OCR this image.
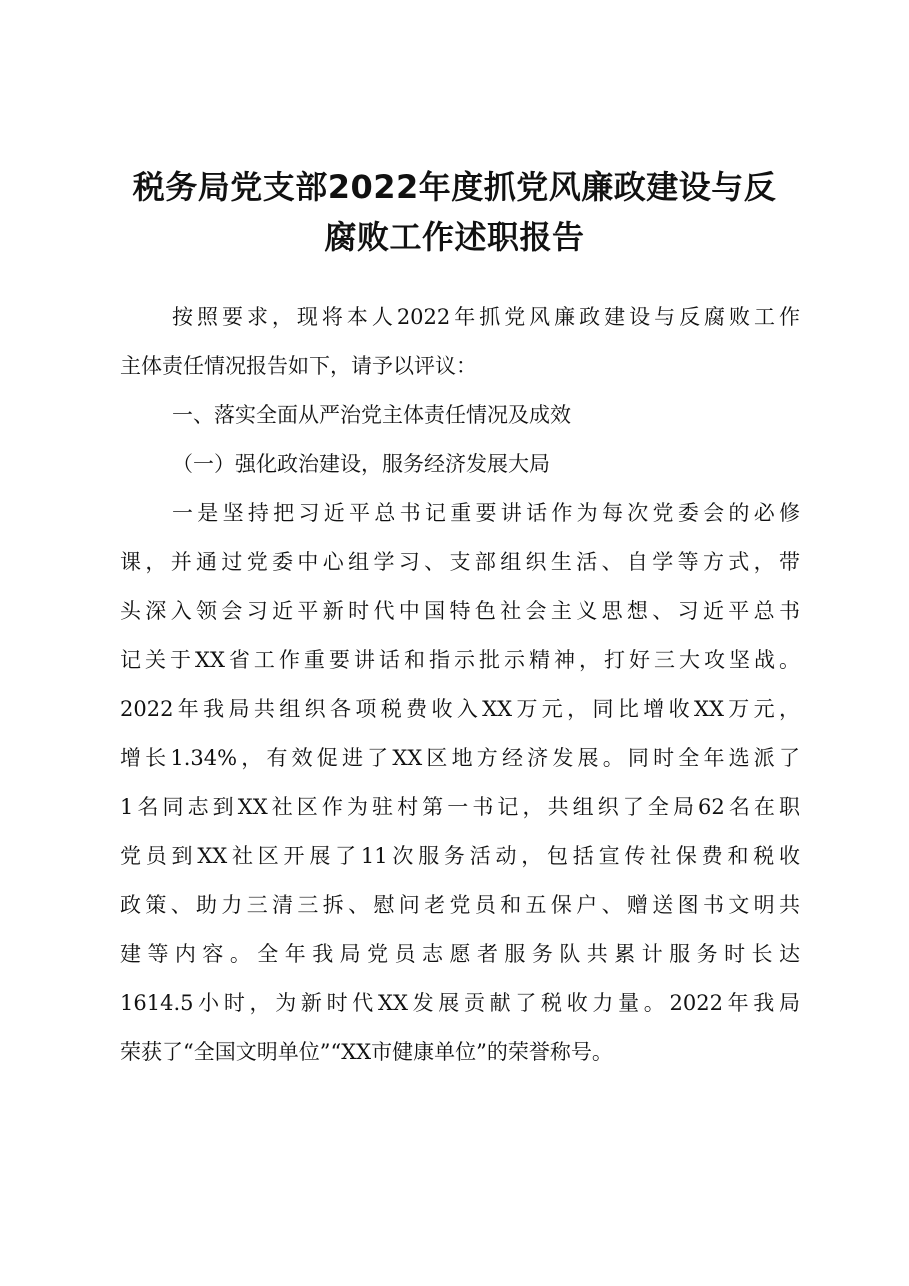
税务局党支部2022年度抓党风廉政建设与反
腐败工作述职报告

按照要求，现将本人2022年抓党风廉政建设与反腐败工作

主体责任情况报告如下，请予以评议：

一、落实全面从严治党主体责任情况及成效

（一）强化政治建设，服务经济发展大局

一是坚持把习近平总书记重要讲话作为每次党委会的必修

课，并通过党委中心组学习、支部组织生活、自学等方式，带

头深入领会习近平新时代中国特色社会主义思想、习近平总书

记关于XX省工作重要讲话和指示批示精神，打好三大攻坚战。

2022年我局共组织各项税费收入XX万元，同比增收XX万元，

增长1.34%，有效促进了XX区地方经济发展。同时全年选派了

1名同志到XX社区作为驻村第一书记，共组织了全局62名在职

党员到XX社区开展了11次服务活动，包括宣传社保费和税收

政策、助力三清三拆、慰问老党员和五保户、赠送图书文明共

建等内容。全年我局党员志愿者服务队共累计服务时长达

1614.5小时，为新时代XX发展贡献了税收力量。2022年我局

荣获了“全国文明单位”“XX市健康单位”的荣誉称号。
